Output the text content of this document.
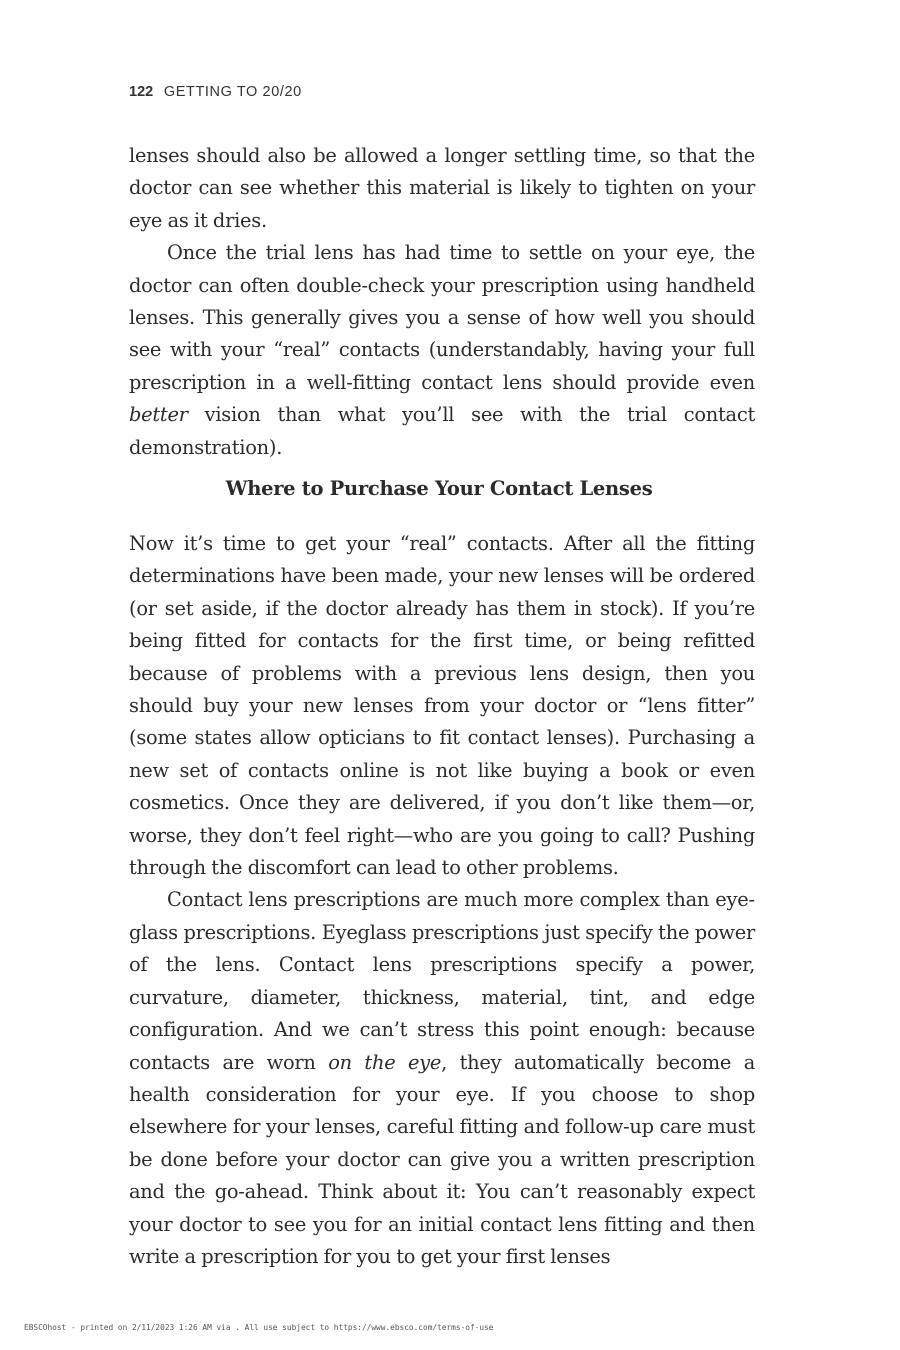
122 GETTING TO 20/20

lenses should also be allowed a longer settling time, so that the doctor can see whether this material is likely to tighten on your eye as it dries.

Once the trial lens has had time to settle on your eye, the doctor can often double-check your prescription using handheld lenses. This generally gives you a sense of how well you should see with your “real” contacts (understandably, having your full prescription in a well-fitting contact lens should provide even better vision than what you’ll see with the trial contact demonstration).

Where to Purchase Your Contact Lenses

Now it’s time to get your “real” contacts. After all the fitting determinations have been made, your new lenses will be ordered (or set aside, if the doctor already has them in stock). If you’re being fitted for contacts for the first time, or being refitted because of problems with a previous lens design, then you should buy your new lenses from your doctor or “lens fitter” (some states allow opticians to fit contact lenses). Purchasing a new set of contacts online is not like buying a book or even cosmetics. Once they are delivered, if you don’t like them—or, worse, they don’t feel right—who are you going to call? Pushing through the discomfort can lead to other problems.

Contact lens prescriptions are much more complex than eyeglass prescriptions. Eyeglass prescriptions just specify the power of the lens. Contact lens prescriptions specify a power, curvature, diameter, thickness, material, tint, and edge configuration. And we can’t stress this point enough: because contacts are worn on the eye, they automatically become a health consideration for your eye. If you choose to shop elsewhere for your lenses, careful fitting and follow-up care must be done before your doctor can give you a written prescription and the go-ahead. Think about it: You can’t reasonably expect your doctor to see you for an initial contact lens fitting and then write a prescription for you to get your first lenses

EBSCOhost - printed on 2/11/2023 1:26 AM via . All use subject to https://www.ebsco.com/terms-of-use
